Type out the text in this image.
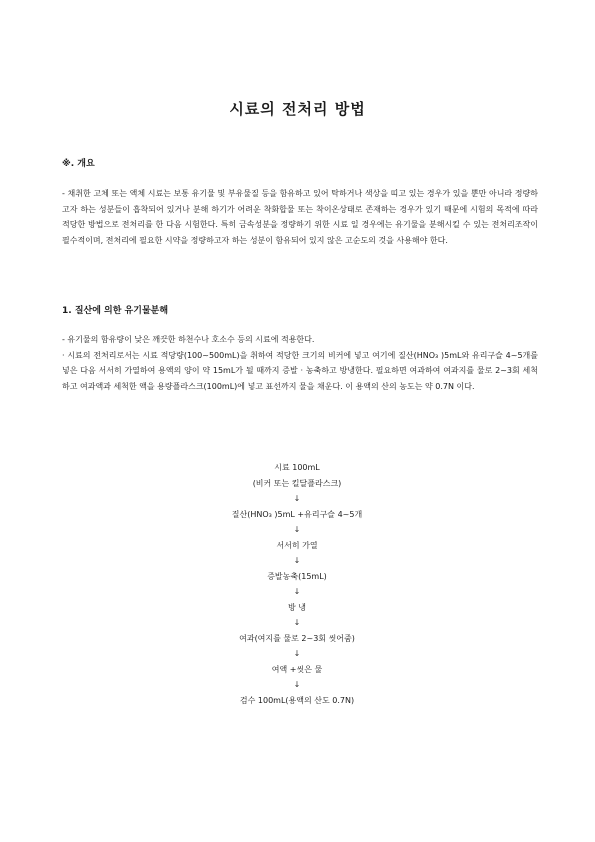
시료의 전처리 방법
※. 개요
- 채취한 고체 또는 액체 시료는 보통 유기물 및 부유물질 등을 함유하고 있어 탁하거나 색상을 띠고 있는 경우가 있을 뿐만 아니라 정량하고자 하는 성분들이 흡착되어 있거나 분해 하기가 어려운 착화합물 또는 착이온상태로 존재하는 경우가 있기 때문에 시험의 목적에 따라 적당한 방법으로 전처리를 한 다음 시험한다. 특히 금속성분을 정량하기 위한 시료 일 경우에는 유기물을 분해시킬 수 있는 전처리조작이 필수적이며, 전처리에 필요한 시약을 정량하고자 하는 성분이 함유되어 있지 않은 고순도의 것을 사용해야 한다.
1. 질산에 의한 유기물분해
- 유기물의 함유량이 낮은 깨끗한 하천수나 호소수 등의 시료에 적용한다.
· 시료의 전처리로서는 시료 적당량(100~500mL)을 취하여 적당한 크기의 비커에 넣고 여기에 질산(HNO₃ )5mL와 유리구슬 4~5개를 넣은 다음 서서히 가열하여 용액의 양이 약 15mL가 될 때까지 증발 · 농축하고 방냉한다. 필요하면 여과하여 여과지를 물로 2~3회 세척하고 여과액과 세척한 액을 용량플라스크(100mL)에 넣고 표선까지 물을 채운다. 이 용액의 산의 농도는 약 0.7N 이다.
시료 100mL
(비커 또는 킬달플라스크)
↓
질산(HNO₃ )5mL +유리구슬 4~5개
↓
서서히 가열
↓
증발농축(15mL)
↓
방 냉
↓
여과(여지를 물로 2~3회 씻어줌)
↓
여액 +씻은 물
↓
검수 100mL(용액의 산도 0.7N)
